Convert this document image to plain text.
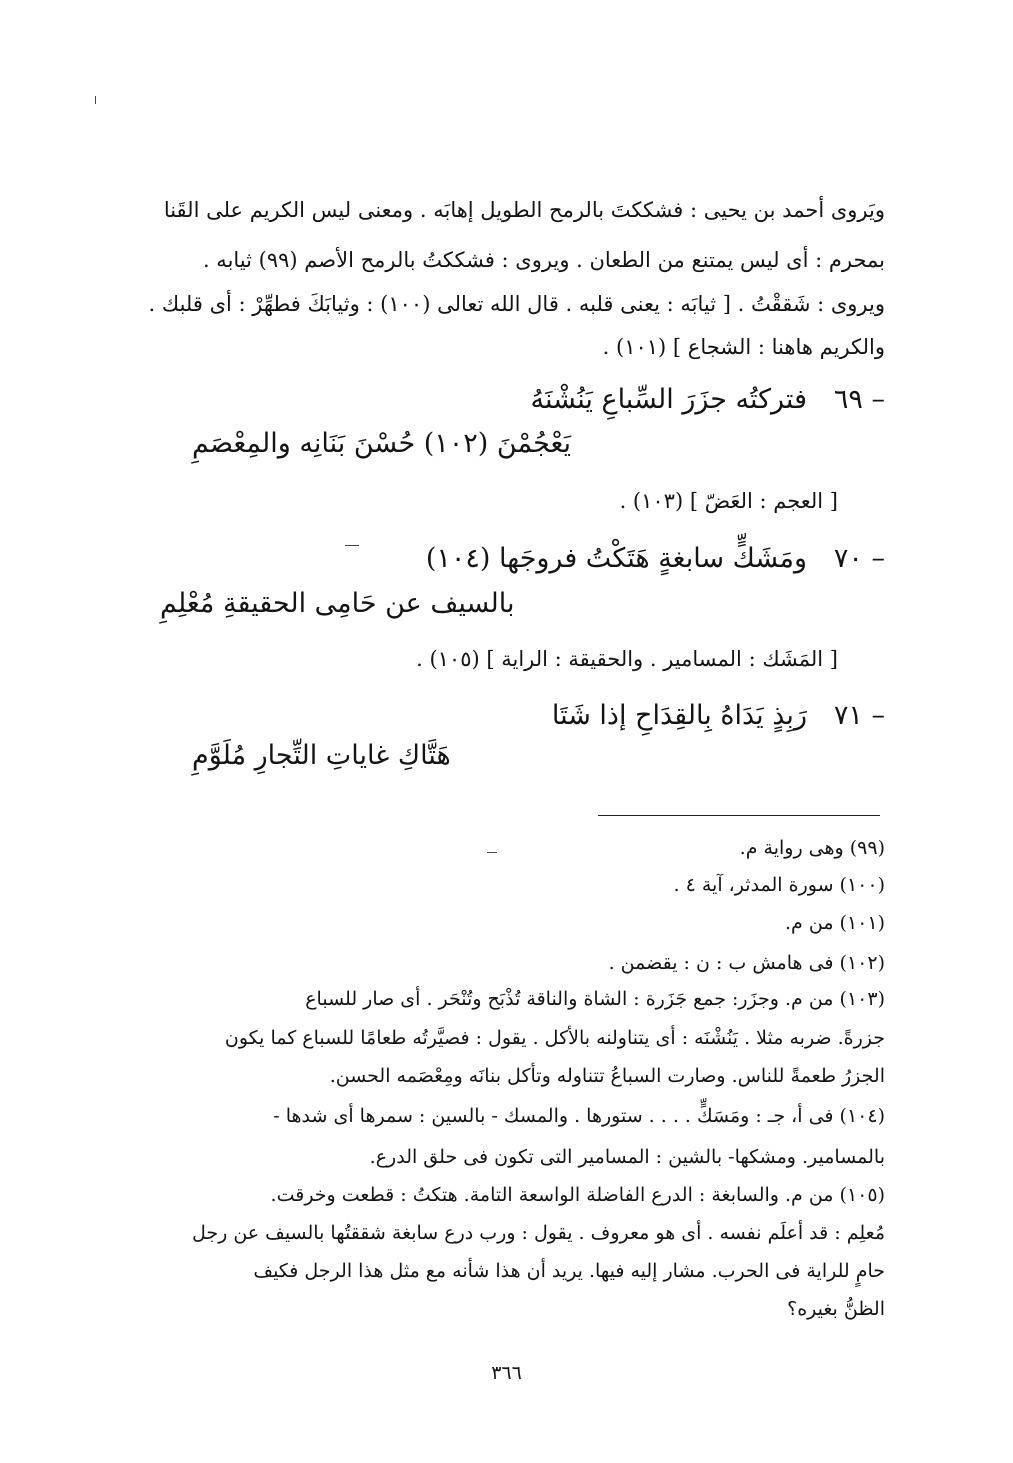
ويَروى أحمد بن يحيى : فشككتَ بالرمح الطويل إهابَه . ومعنى ليس الكريم على القَنا
بمحرم : أى ليس يمتنع من الطعان . ويروى : فشككتُ بالرمح الأصم (٩٩) ثيابه .
ويروى : شَققْتُ . [ ثيابَه : يعنى قلبه . قال الله تعالى (١٠٠) : وثيابَكَ فطهِّرْ : أى قلبك .
والكريم هاهنا : الشجاع ] (١٠١) .
٦٩ –
فتركتُه جزَرَ السِّباعِ يَنُشْنَهُ
يَعْجُمْنَ (١٠٢) حُسْنَ بَنَانِه والمِعْصَمِ
[ العجم : العَضّ ] (١٠٣) .
٧٠ –
ومَشَكٍّ سابغةٍ هَتَكْتُ فروجَها (١٠٤)
بالسيف عن حَامِى الحقيقةِ مُعْلِمِ
[ المَشَك : المسامير . والحقيقة : الراية ] (١٠٥) .
٧١ –
رَبِذٍ يَدَاهُ بِالقِدَاحِ إذا شَتَا
هَتَّاكِ غاياتِ التِّجارِ مُلَوَّمِ
(٩٩) وهى رواية م.
(١٠٠) سورة المدثر، آية ٤ .
(١٠١) من م.
(١٠٢) فى هامش ب : ن : يقضمن .
(١٠٣) من م. وجزَر: جمع جَزَرة : الشاة والناقة تُذْبَح وتُنْحَر . أى صار للسباع
جزرةً. ضربه مثلا . يَنُشْنَه : أى يتناولنه بالأكل . يقول : فصيَّرتُه طعامًا للسباع كما يكون
الجزرُ طعمةً للناس. وصارت السباعُ تتناوله وتأكل بنانَه ومِعْصَمه الحسن.
(١٠٤) فى أ، جـ : ومَسَكٍّ . . . . ستورها . والمسك - بالسين : سمرها أى شدها -
بالمسامير. ومشكها- بالشين : المسامير التى تكون فى حلق الدرع.
(١٠٥) من م. والسابغة : الدرع الفاضلة الواسعة التامة. هتكتُ : قطعت وخرقت.
مُعلِم : قد أعلَم نفسه . أى هو معروف . يقول : ورب درع سابغة شققتُها بالسيف عن رجل
حامٍ للراية فى الحرب. مشار إليه فيها. يريد أن هذا شأنه مع مثل هذا الرجل فكيف
الظنُّ بغيره؟
٣٦٦
